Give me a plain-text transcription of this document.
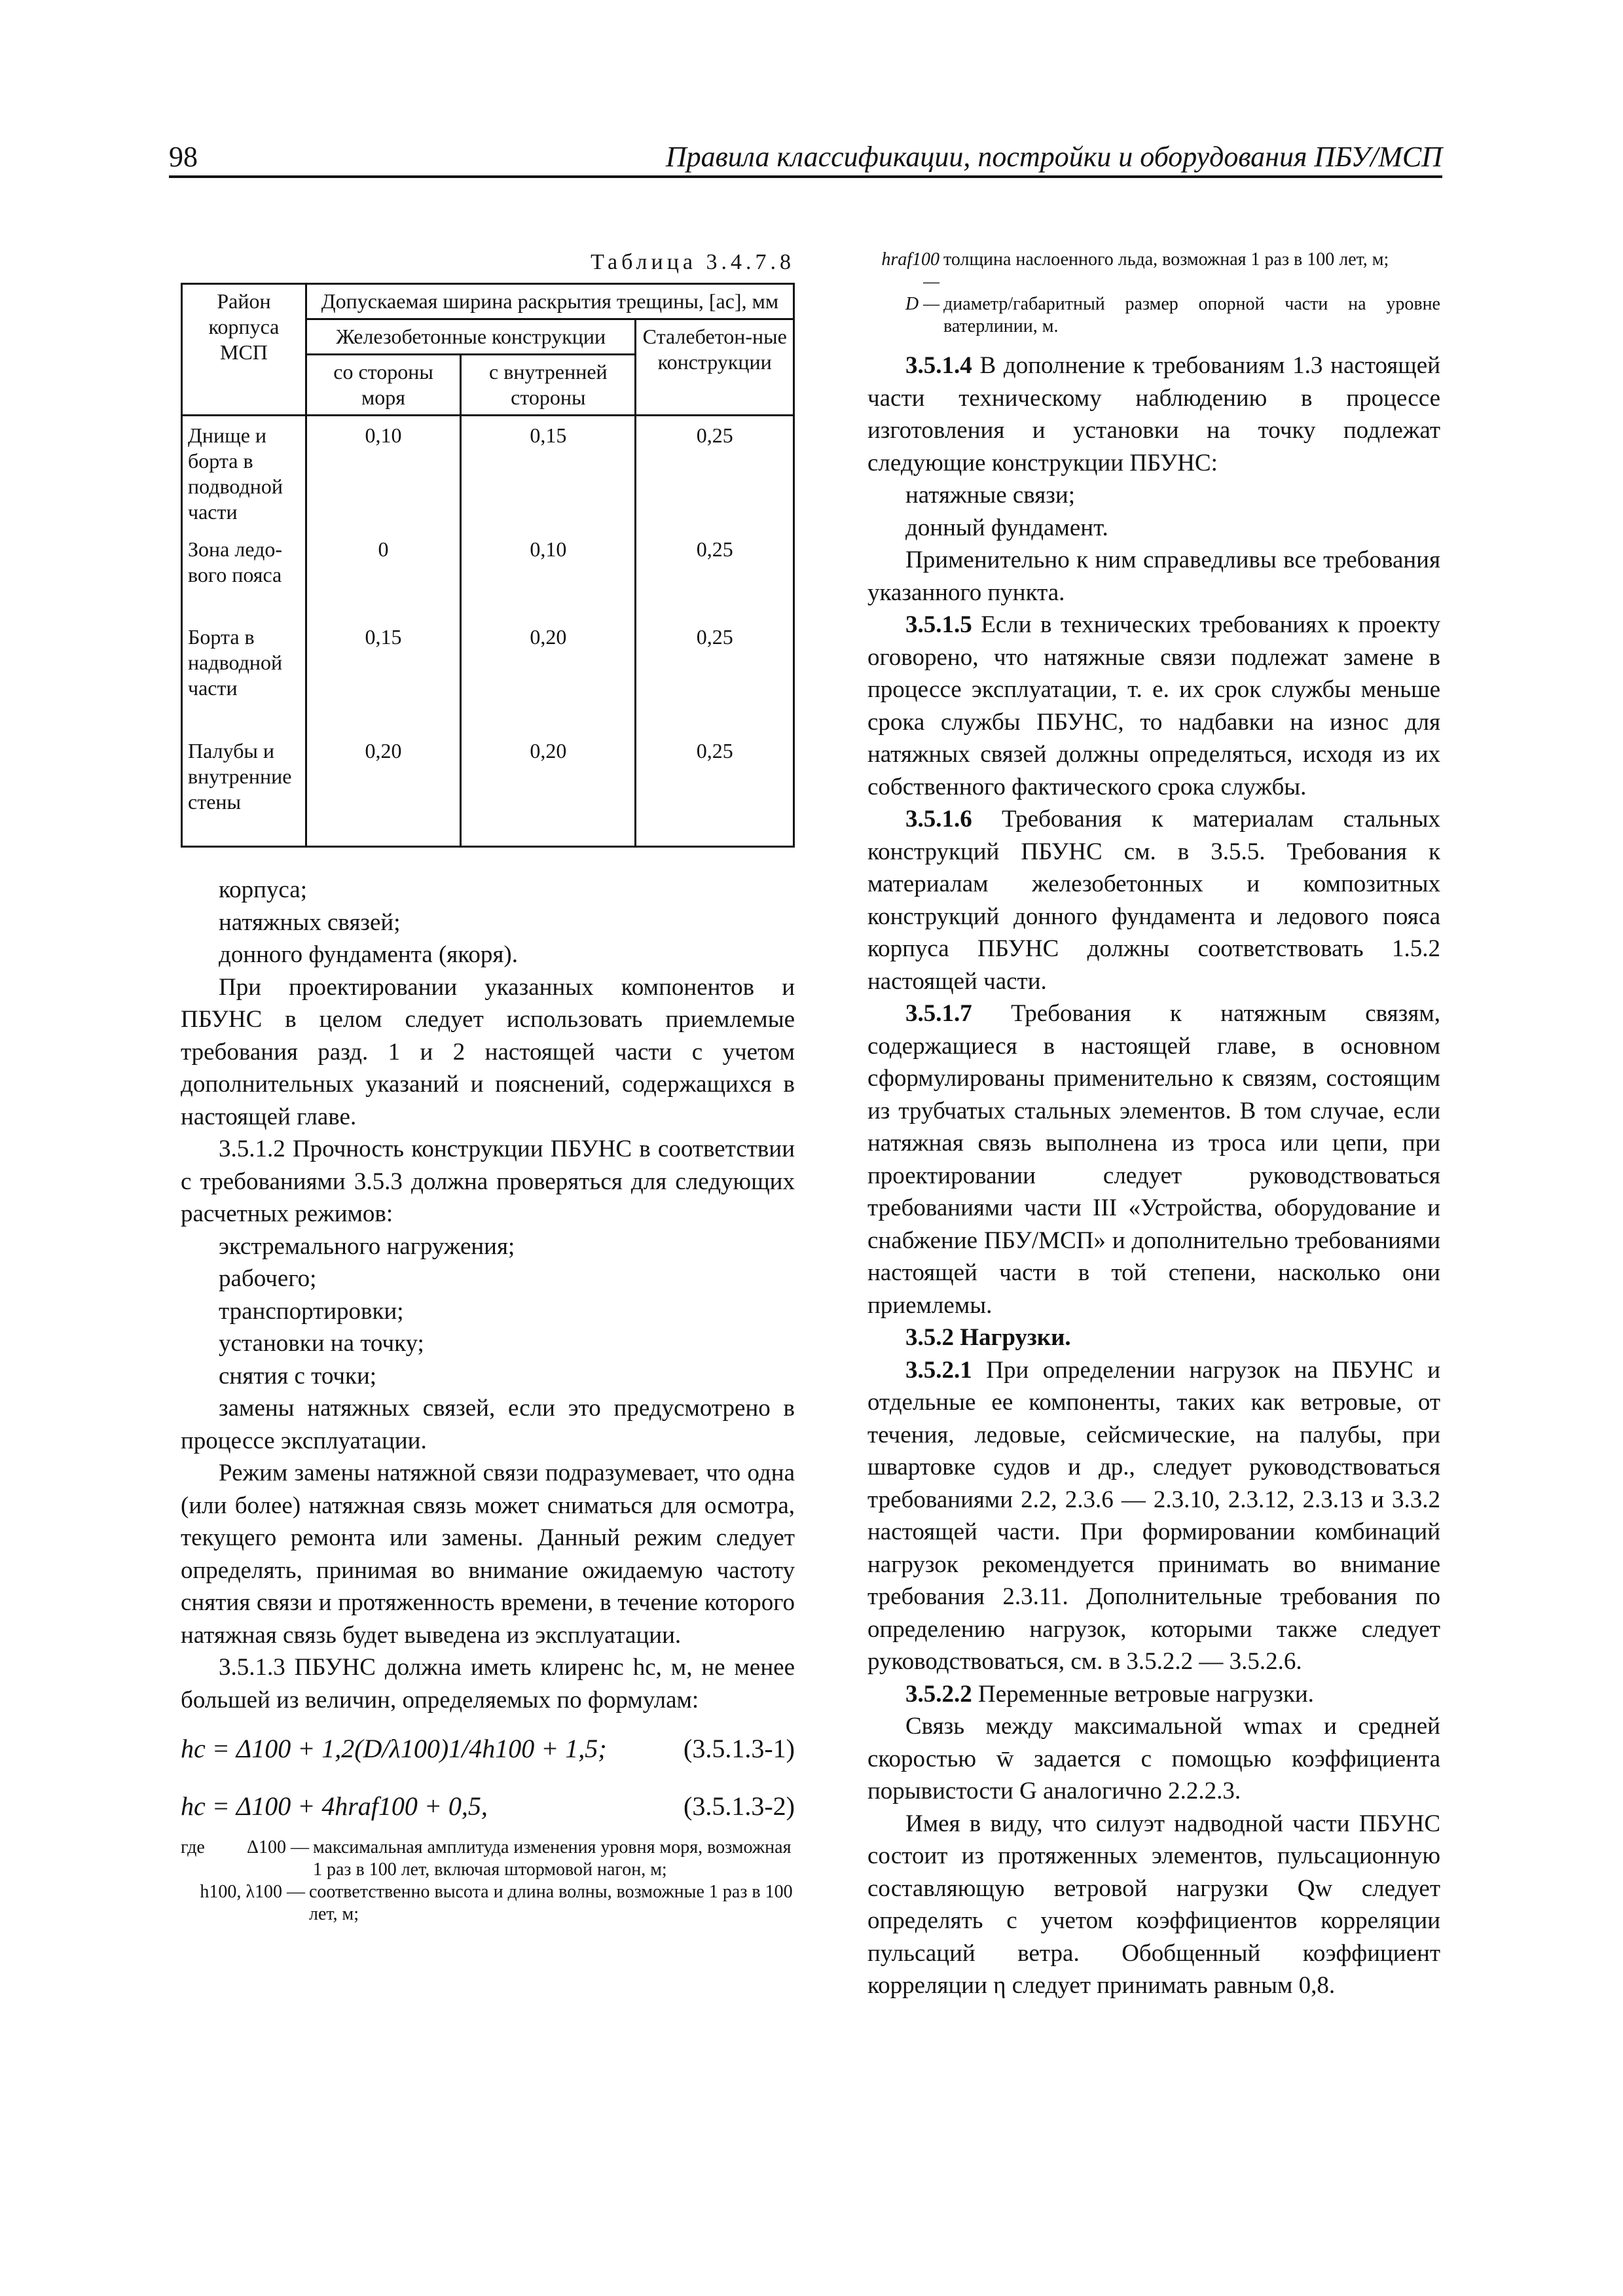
98	Правила классификации, постройки и оборудования ПБУ/МСП
Таблица 3.4.7.8
Район корпуса МСП	Допускаемая ширина раскрытия трещины, [ac], мм		
	Железобетонные конструкции		Сталебетон-ные конструкции
	со стороны моря	с внутренней стороны	
Днище и борта в подводной части	0,10	0,15	0,25
Зона ледо-вого пояса	0	0,10	0,25
Борта в надводной части	0,15	0,20	0,25
Палубы и внутренние стены	0,20	0,20	0,25

корпуса;

натяжных связей;

донного фундамента (якоря).

При проектировании указанных компонентов и ПБУНС в целом следует использовать приемлемые требования разд. 1 и 2 настоящей части с учетом дополнительных указаний и пояснений, содержащихся в настоящей главе.

3.5.1.2 Прочность конструкции ПБУНС в соответствии с требованиями 3.5.3 должна проверяться для следующих расчетных режимов:

экстремального нагружения;

рабочего;

транспортировки;

установки на точку;

снятия с точки;

замены натяжных связей, если это предусмотрено в процессе эксплуатации.

Режим замены натяжной связи подразумевает, что одна (или более) натяжная связь может сниматься для осмотра, текущего ремонта или замены. Данный режим следует определять, принимая во внимание ожидаемую частоту снятия связи и протяженность времени, в течение которого натяжная связь будет выведена из эксплуатации.

3.5.1.3 ПБУНС должна иметь клиренс hc, м, не менее большей из величин, определяемых по формулам:

hc = Δ100 + 1,2(D/λ100)1/4h100 + 1,5;	(3.5.1.3-1)
hc = Δ100 + 4hraf100 + 0,5,	(3.5.1.3-2)
где	Δ100 — максимальная амплитуда изменения уровня моря, возможная 1 раз в 100 лет, включая штормовой нагон, м;
h100, λ100 — соответственно высота и длина волны, возможные 1 раз в 100 лет, м;
hraf100 —
толщина наслоенного льда, возможная 1 раз в 100 лет, м;
D — диаметр/габаритный размер опорной части на уровне ватерлинии, м.

3.5.1.4 В дополнение к требованиям 1.3 настоящей части техническому наблюдению в процессе изготовления и установки на точку подлежат следующие конструкции ПБУНС:

натяжные связи;

донный фундамент.

Применительно к ним справедливы все требования указанного пункта.

3.5.1.5 Если в технических требованиях к проекту оговорено, что натяжные связи подлежат замене в процессе эксплуатации, т. е. их срок службы меньше срока службы ПБУНС, то надбавки на износ для натяжных связей должны определяться, исходя из их собственного фактического срока службы.

3.5.1.6 Требования к материалам стальных конструкций ПБУНС см. в 3.5.5. Требования к материалам железобетонных и композитных конструкций донного фундамента и ледового пояса корпуса ПБУНС должны соответствовать 1.5.2 настоящей части.

3.5.1.7 Требования к натяжным связям, содержащиеся в настоящей главе, в основном сформулированы применительно к связям, состоящим из трубчатых стальных элементов. В том случае, если натяжная связь выполнена из троса или цепи, при проектировании следует руководствоваться требованиями части III «Устройства, оборудование и снабжение ПБУ/МСП» и дополнительно требованиями настоящей части в той степени, насколько они приемлемы.

3.5.2 Нагрузки.

3.5.2.1 При определении нагрузок на ПБУНС и отдельные ее компоненты, таких как ветровые, от течения, ледовые, сейсмические, на палубы, при швартовке судов и др., следует руководствоваться требованиями 2.2, 2.3.6 — 2.3.10, 2.3.12, 2.3.13 и 3.3.2 настоящей части. При формировании комбинаций нагрузок рекомендуется принимать во внимание требования 2.3.11. Дополнительные требования по определению нагрузок, которыми также следует руководствоваться, см. в 3.5.2.2 — 3.5.2.6.

3.5.2.2 Переменные ветровые нагрузки.

Связь между максимальной wmax и средней скоростью w̄ задается с помощью коэффициента порывистости G аналогично 2.2.2.3.

Имея в виду, что силуэт надводной части ПБУНС состоит из протяженных элементов, пульсационную составляющую ветровой нагрузки Qw следует определять с учетом коэффициентов корреляции пульсаций ветра. Обобщенный коэффициент корреляции η следует принимать равным 0,8.
